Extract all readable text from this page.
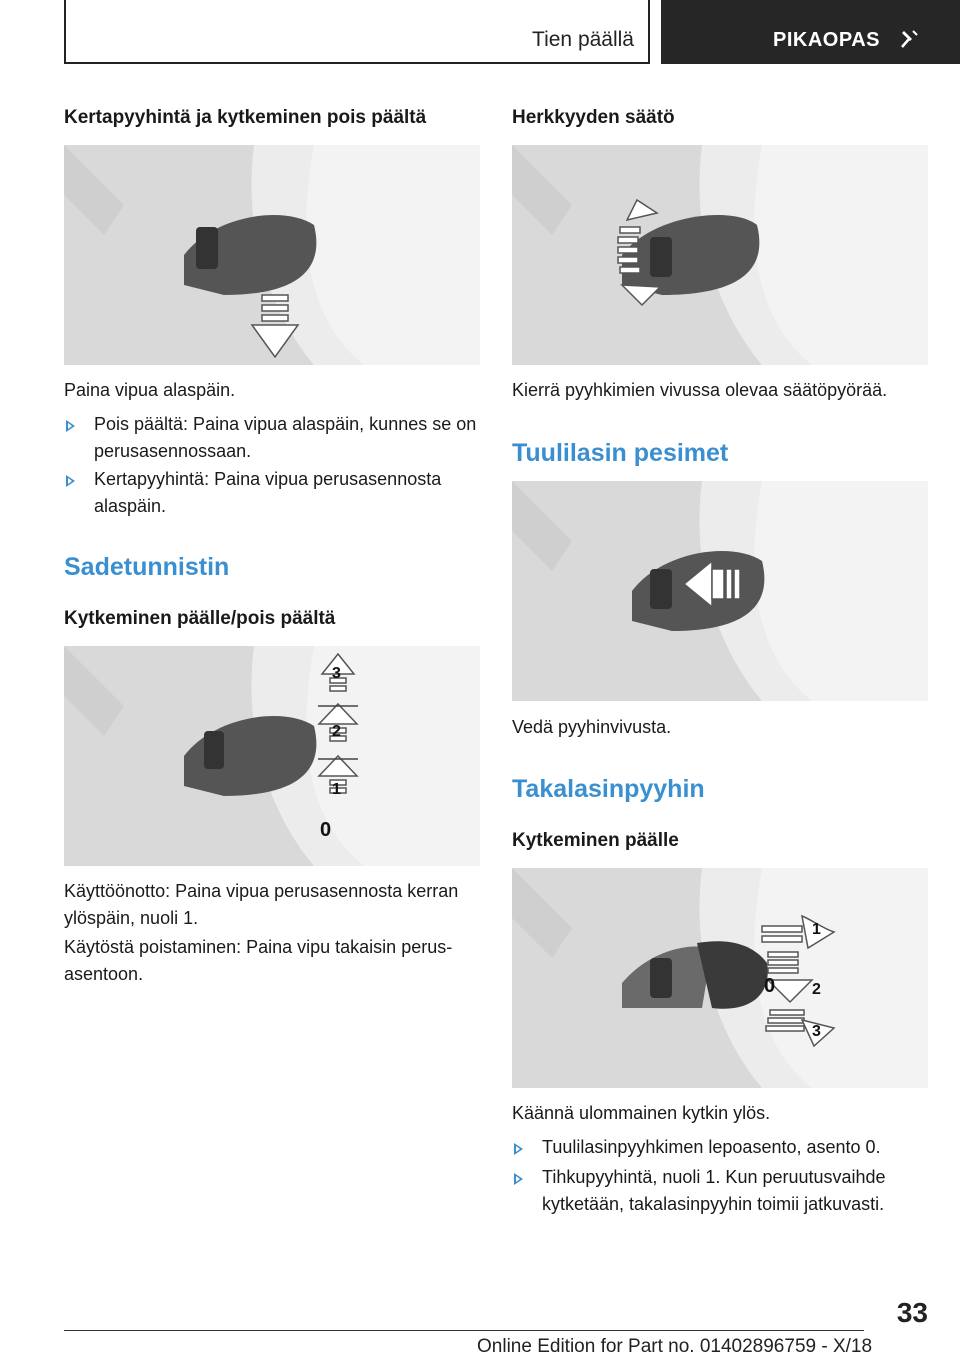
Tien päällä	PIKAOPAS
Kertapyyhintä ja kytkeminen pois päältä

Paina vipua alaspäin.

Pois päältä: Paina vipua alaspäin, kunnes se on perusasennossaan.
Kertapyyhintä: Paina vipua perusasennosta alaspäin.
Sadetunnistin
Kytkeminen päälle/pois päältä
3
2
1
0

Käyttöönotto: Paina vipua perusasennosta kerran ylöspäin, nuoli 1.

Käytöstä poistaminen: Paina vipu takaisin perusasentoon.

Herkkyyden säätö

Kierrä pyyhkimien vivussa olevaa säätöpyörää.

Tuulilasin pesimet

Vedä pyyhinvivusta.

Takalasinpyyhin
Kytkeminen päälle
1
0 2
3

Käännä ulommainen kytkin ylös.

Tuulilasinpyyhkimen lepoasento, asento 0.
Tihkupyyhintä, nuoli 1. Kun peruutusvaihde kytketään, takalasinpyyhin toimii jatkuvasti.
33
Online Edition for Part no. 01402896759 - X/18
